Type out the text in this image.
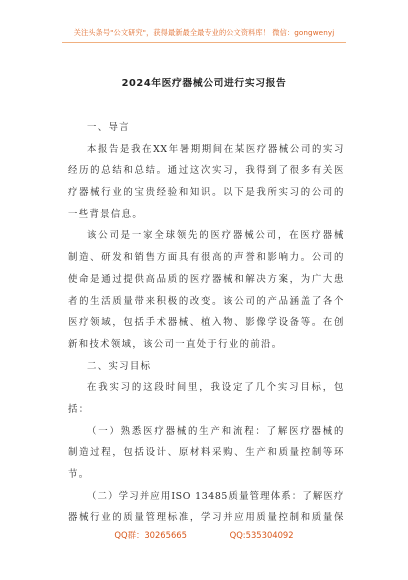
关注头条号"公文研究"，获得最新最全最专业的公文资料库！ 微信：gongwenyj
2024年医疗器械公司进行实习报告
一、导言
本报告是我在XX年暑期期间在某医疗器械公司的实习
经历的总结和总结。通过这次实习，我得到了很多有关医
疗器械行业的宝贵经验和知识。以下是我所实习的公司的
一些背景信息。
该公司是一家全球领先的医疗器械公司，在医疗器械
制造、研发和销售方面具有很高的声誉和影响力。公司的
使命是通过提供高品质的医疗器械和解决方案，为广大患
者的生活质量带来积极的改变。该公司的产品涵盖了各个
医疗领域，包括手术器械、植入物、影像学设备等。在创
新和技术领域，该公司一直处于行业的前沿。
二、实习目标
在我实习的这段时间里，我设定了几个实习目标，包
括：
（一）熟悉医疗器械的生产和流程：了解医疗器械的
制造过程，包括设计、原材料采购、生产和质量控制等环
节。
（二）学习并应用ISO 13485质量管理体系：了解医疗
器械行业的质量管理标准，学习并应用质量控制和质量保
QQ群：30265665	QQ:535304092
